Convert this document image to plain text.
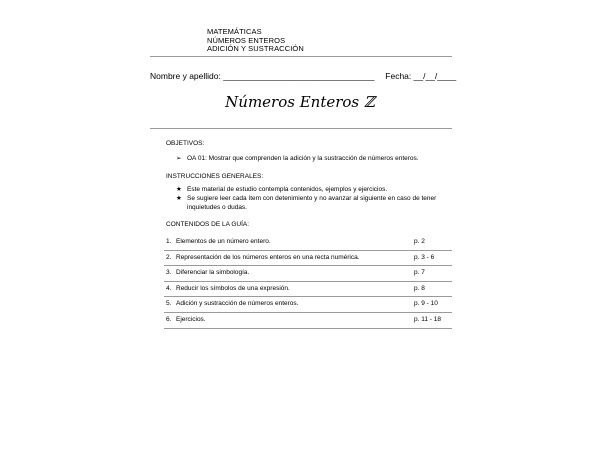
MATEMÁTICAS
NÚMEROS ENTEROS
ADICIÓN Y SUSTRACCIÓN
Nombre y apellido: ________________________________ Fecha: __/__/____
Números Enteros ℤ
OBJETIVOS:
➢ OA 01: Mostrar que comprenden la adición y la sustracción de números enteros.
INSTRUCCIONES GENERALES:
★ Este material de estudio contempla contenidos, ejemplos y ejercicios.
★ Se sugiere leer cada ítem con detenimiento y no avanzar al siguiente en caso de tener inquietudes o dudas.
CONTENIDOS DE LA GUÍA:
1. Elementos de un número entero.	p. 2
2. Representación de los números enteros en una recta numérica.	p. 3 - 6
3. Diferenciar la simbología.	p. 7
4. Reducir los símbolos de una expresión.	p. 8
5. Adición y sustracción de números enteros.	p. 9 - 10
6. Ejercicios.	p. 11 - 18
